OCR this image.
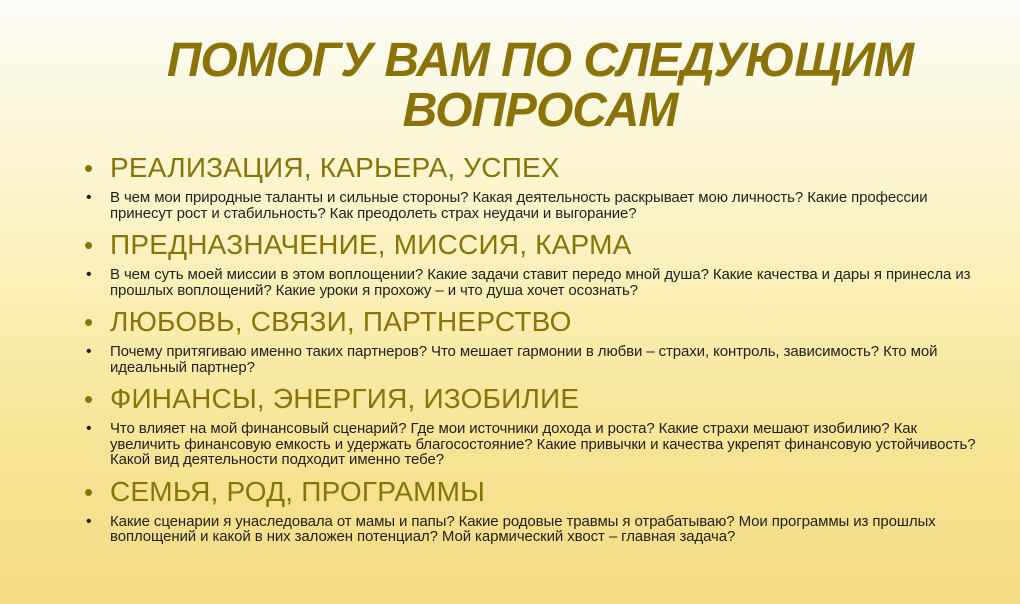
ПОМОГУ ВАМ ПО СЛЕДУЮЩИМ ВОПРОСАМ
• РЕАЛИЗАЦИЯ, КАРЬЕРА, УСПЕХ
•	В чем мои природные таланты и сильные стороны? Какая деятельность раскрывает мою личность? Какие профессии принесут рост и стабильность? Как преодолеть страх неудачи и выгорание?
• ПРЕДНАЗНАЧЕНИЕ, МИССИЯ, КАРМА
•	В чем суть моей миссии в этом воплощении? Какие задачи ставит передо мной душа? Какие качества и дары я принесла из прошлых воплощений? Какие уроки я прохожу – и что душа хочет осознать?
• ЛЮБОВЬ, СВЯЗИ, ПАРТНЕРСТВО
•	Почему притягиваю именно таких партнеров? Что мешает гармонии в любви – страхи, контроль, зависимость? Кто мой идеальный партнер?
• ФИНАНСЫ, ЭНЕРГИЯ, ИЗОБИЛИЕ
•	Что влияет на мой финансовый сценарий? Где мои источники дохода и роста? Какие страхи мешают изобилию? Как увеличить финансовую емкость и удержать благосостояние? Какие привычки и качества укрепят финансовую устойчивость? Какой вид деятельности подходит именно тебе?
• СЕМЬЯ, РОД, ПРОГРАММЫ
•	Какие сценарии я унаследовала от мамы и папы? Какие родовые травмы я отрабатываю? Мои программы из прошлых воплощений и какой в них заложен потенциал? Мой кармический хвост – главная задача?
